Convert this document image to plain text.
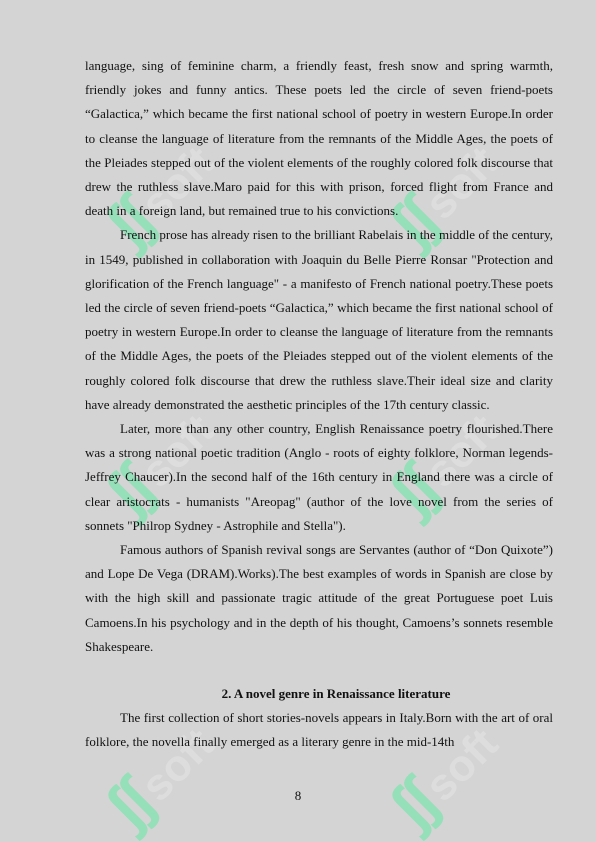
ʃʃsoft ʃʃsoft
ʃʃsoft ʃʃsoft
ʃʃsoft ʃʃsoft

language, sing of feminine charm, a friendly feast, fresh snow and spring warmth, friendly jokes and funny antics. These poets led the circle of seven friend-poets “Galactica,” which became the first national school of poetry in western Europe.In order to cleanse the language of literature from the remnants of the Middle Ages, the poets of the Pleiades stepped out of the violent elements of the roughly colored folk discourse that drew the ruthless slave.Maro paid for this with prison, forced flight from France and death in a foreign land, but remained true to his convictions.

French prose has already risen to the brilliant Rabelais in the middle of the century, in 1549, published in collaboration with Joaquin du Belle Pierre Ronsar "Protection and glorification of the French language" - a manifesto of French national poetry.These poets led the circle of seven friend-poets “Galactica,” which became the first national school of poetry in western Europe.In order to cleanse the language of literature from the remnants of the Middle Ages, the poets of the Pleiades stepped out of the violent elements of the roughly colored folk discourse that drew the ruthless slave.Their ideal size and clarity have already demonstrated the aesthetic principles of the 17th century classic.

Later, more than any other country, English Renaissance poetry flourished.There was a strong national poetic tradition (Anglo - roots of eighty folklore, Norman legends-Jeffrey Chaucer).In the second half of the 16th century in England there was a circle of clear aristocrats - humanists "Areopag" (author of the love novel from the series of sonnets "Philrop Sydney - Astrophile and Stella").

Famous authors of Spanish revival songs are Servantes (author of “Don Quixote”) and Lope De Vega (DRAM).Works).The best examples of words in Spanish are close by with the high skill and passionate tragic attitude of the great Portuguese poet Luis Camoens.In his psychology and in the depth of his thought, Camoens’s sonnets resemble Shakespeare.

2. A novel genre in Renaissance literature

The first collection of short stories-novels appears in Italy.Born with the art of oral folklore, the novella finally emerged as a literary genre in the mid-14th

8
